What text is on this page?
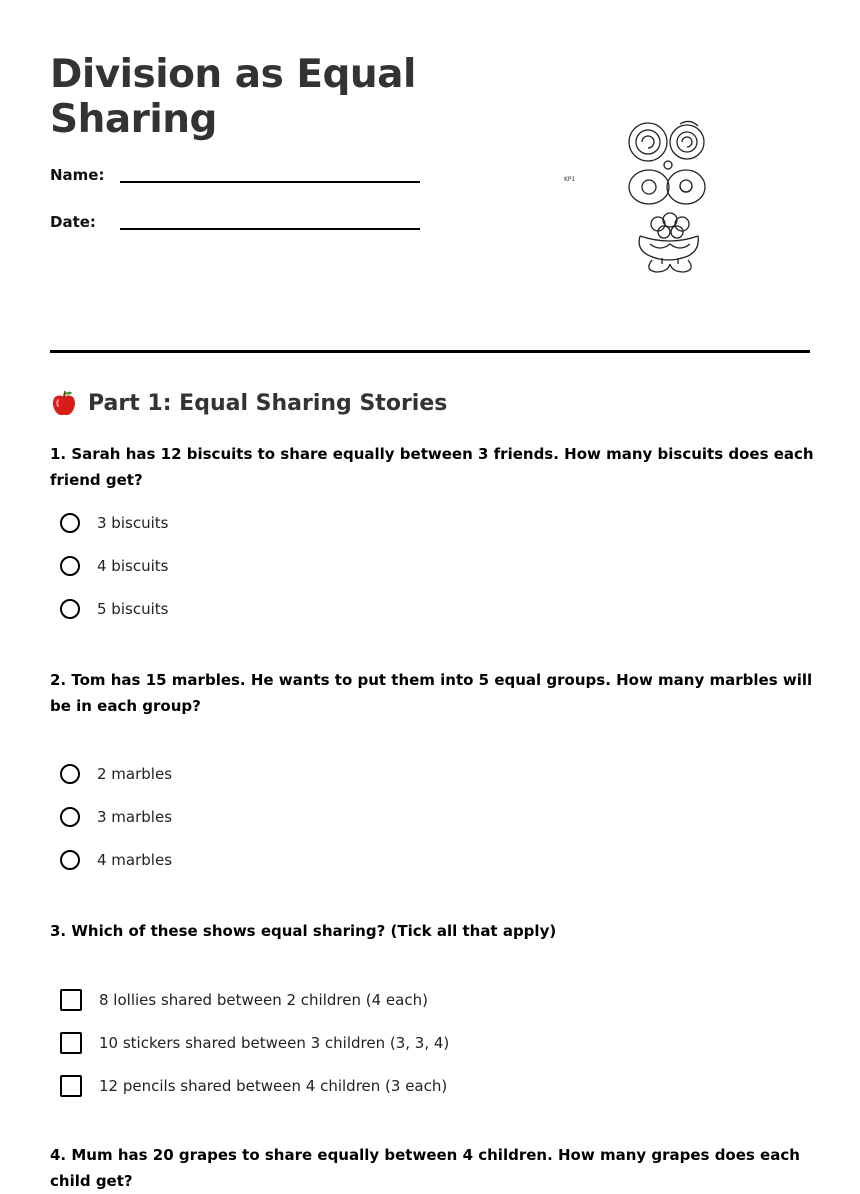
Division as Equal
Sharing
Name:
Date:
KP1
Part 1: Equal Sharing Stories

1. Sarah has 12 biscuits to share equally between 3 friends. How many biscuits does each friend get?

3 biscuits
4 biscuits
5 biscuits

2. Tom has 15 marbles. He wants to put them into 5 equal groups. How many marbles will be in each group?

2 marbles
3 marbles
4 marbles

3. Which of these shows equal sharing? (Tick all that apply)

8 lollies shared between 2 children (4 each)
10 stickers shared between 3 children (3, 3, 4)
12 pencils shared between 4 children (3 each)

4. Mum has 20 grapes to share equally between 4 children. How many grapes does each child get?
